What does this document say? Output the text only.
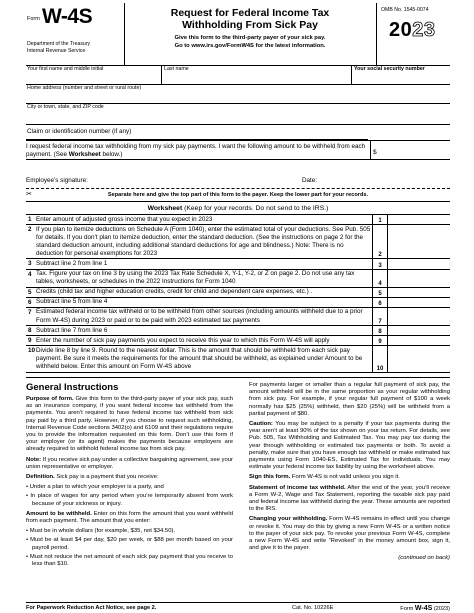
Form W-4S
Department of the Treasury
Internal Revenue Service
Request for Federal Income Tax
Withholding From Sick Pay
Give this form to the third-party payer of your sick pay.
Go to www.irs.gov/FormW4S for the latest information.
OMB No. 1545-0074
2023
Your first name and middle initial	Last name	Your social security number
Home address (number and street or rural route)
City or town, state, and ZIP code
Claim or identification number (if any)
I request federal income tax withholding from my sick pay payments. I want the following amount to be withheld from each payment. (See Worksheet below.)	$
Employee’s signature:	Date:
✂	Separate here and give the top part of this form to the payer. Keep the lower part for your records.
Worksheet (Keep for your records. Do not send to the IRS.)
1 Enter amount of adjusted gross income that you expect in 2023	1
2 If you plan to itemize deductions on Schedule A (Form 1040), enter the estimated total of your deductions. See Pub. 505 for details. If you don’t plan to itemize deduction, enter the standard deduction. (See the instructions on page 2 for the standard deduction amount, including additional standard deductions for age and blindness.) Note: There is no deduction for personal exemptions for 2023	2
3 Subtract line 2 from line 1	3
4 Tax. Figure your tax on line 3 by using the 2023 Tax Rate Schedule X, Y-1, Y-2, or Z on page 2. Do not use any tax tables, worksheets, or schedules in the 2022 Instructions for Form 1040	4
5 Credits (child tax and higher education credits, credit for child and dependent care expenses, etc.) .	5
6 Subtract line 5 from line 4	6
7 Estimated federal income tax withheld or to be withheld from other sources (including amounts withheld due to a prior Form W-4S) during 2023 or paid or to be paid with 2023 estimated tax payments	7
8 Subtract line 7 from line 6	8
9 Enter the number of sick pay payments you expect to receive this year to which this Form W-4S will apply	9
10 Divide line 8 by line 9. Round to the nearest dollar. This is the amount that should be withheld from each sick pay payment. Be sure it meets the requirements for the amount that should be withheld, as explained under Amount to be withheld below. Enter this amount on Form W-4S above	10
General Instructions

Purpose of form. Give this form to the third-party payer of your sick pay, such as an insurance company, if you want federal income tax withheld from the payments. You aren’t required to have federal income tax withheld from sick pay paid by a third party. However, if you choose to request such withholding, Internal Revenue Code sections 3402(o) and 6109 and their regulations require you to provide the information requested on this form. Don’t use this form if your employer (or its agent) makes the payments because employers are already required to withhold federal income tax from sick pay.

Note: If you receive sick pay under a collective bargaining agreement, see your union representative or employer.

Definition. Sick pay is a payment that you receive:

• Under a plan to which your employer is a party, and
• In place of wages for any period when you’re temporarily absent from work because of your sickness or injury.

Amount to be withheld. Enter on this form the amount that you want withheld from each payment. The amount that you enter:

• Must be in whole dollars (for example, $35, not $34.50).
• Must be at least $4 per day, $20 per week, or $88 per month based on your payroll period.
• Must not reduce the net amount of each sick pay payment that you receive to less than $10.

For payments larger or smaller than a regular full payment of sick pay, the amount withheld will be in the same proportion as your regular withholding from sick pay. For example, if your regular full payment of $100 a week normally has $25 (25%) withheld, then $20 (25%) will be withheld from a partial payment of $80.

Caution: You may be subject to a penalty if your tax payments during the year aren’t at least 90% of the tax shown on your tax return. For details, see Pub. 505, Tax Withholding and Estimated Tax. You may pay tax during the year through withholding or estimated tax payments or both. To avoid a penalty, make sure that you have enough tax withheld or make estimated tax payments using Form 1040-ES, Estimated Tax for Individuals. You may estimate your federal income tax liability by using the worksheet above.

Sign this form. Form W-4S is not valid unless you sign it.

Statement of income tax withheld. After the end of the year, you’ll receive a Form W-2, Wage and Tax Statement, reporting the taxable sick pay paid and federal income tax withheld during the year. These amounts are reported to the IRS.

Changing your withholding. Form W-4S remains in effect until you change or revoke it. You may do this by giving a new Form W-4S or a written notice to the payer of your sick pay. To revoke your previous Form W-4S, complete a new Form W-4S and write “Revoked” in the money amount box, sign it, and give it to the payer.

(continued on back)
For Paperwork Reduction Act Notice, see page 2.	Cat. No. 10226E	Form W-4S (2023)
